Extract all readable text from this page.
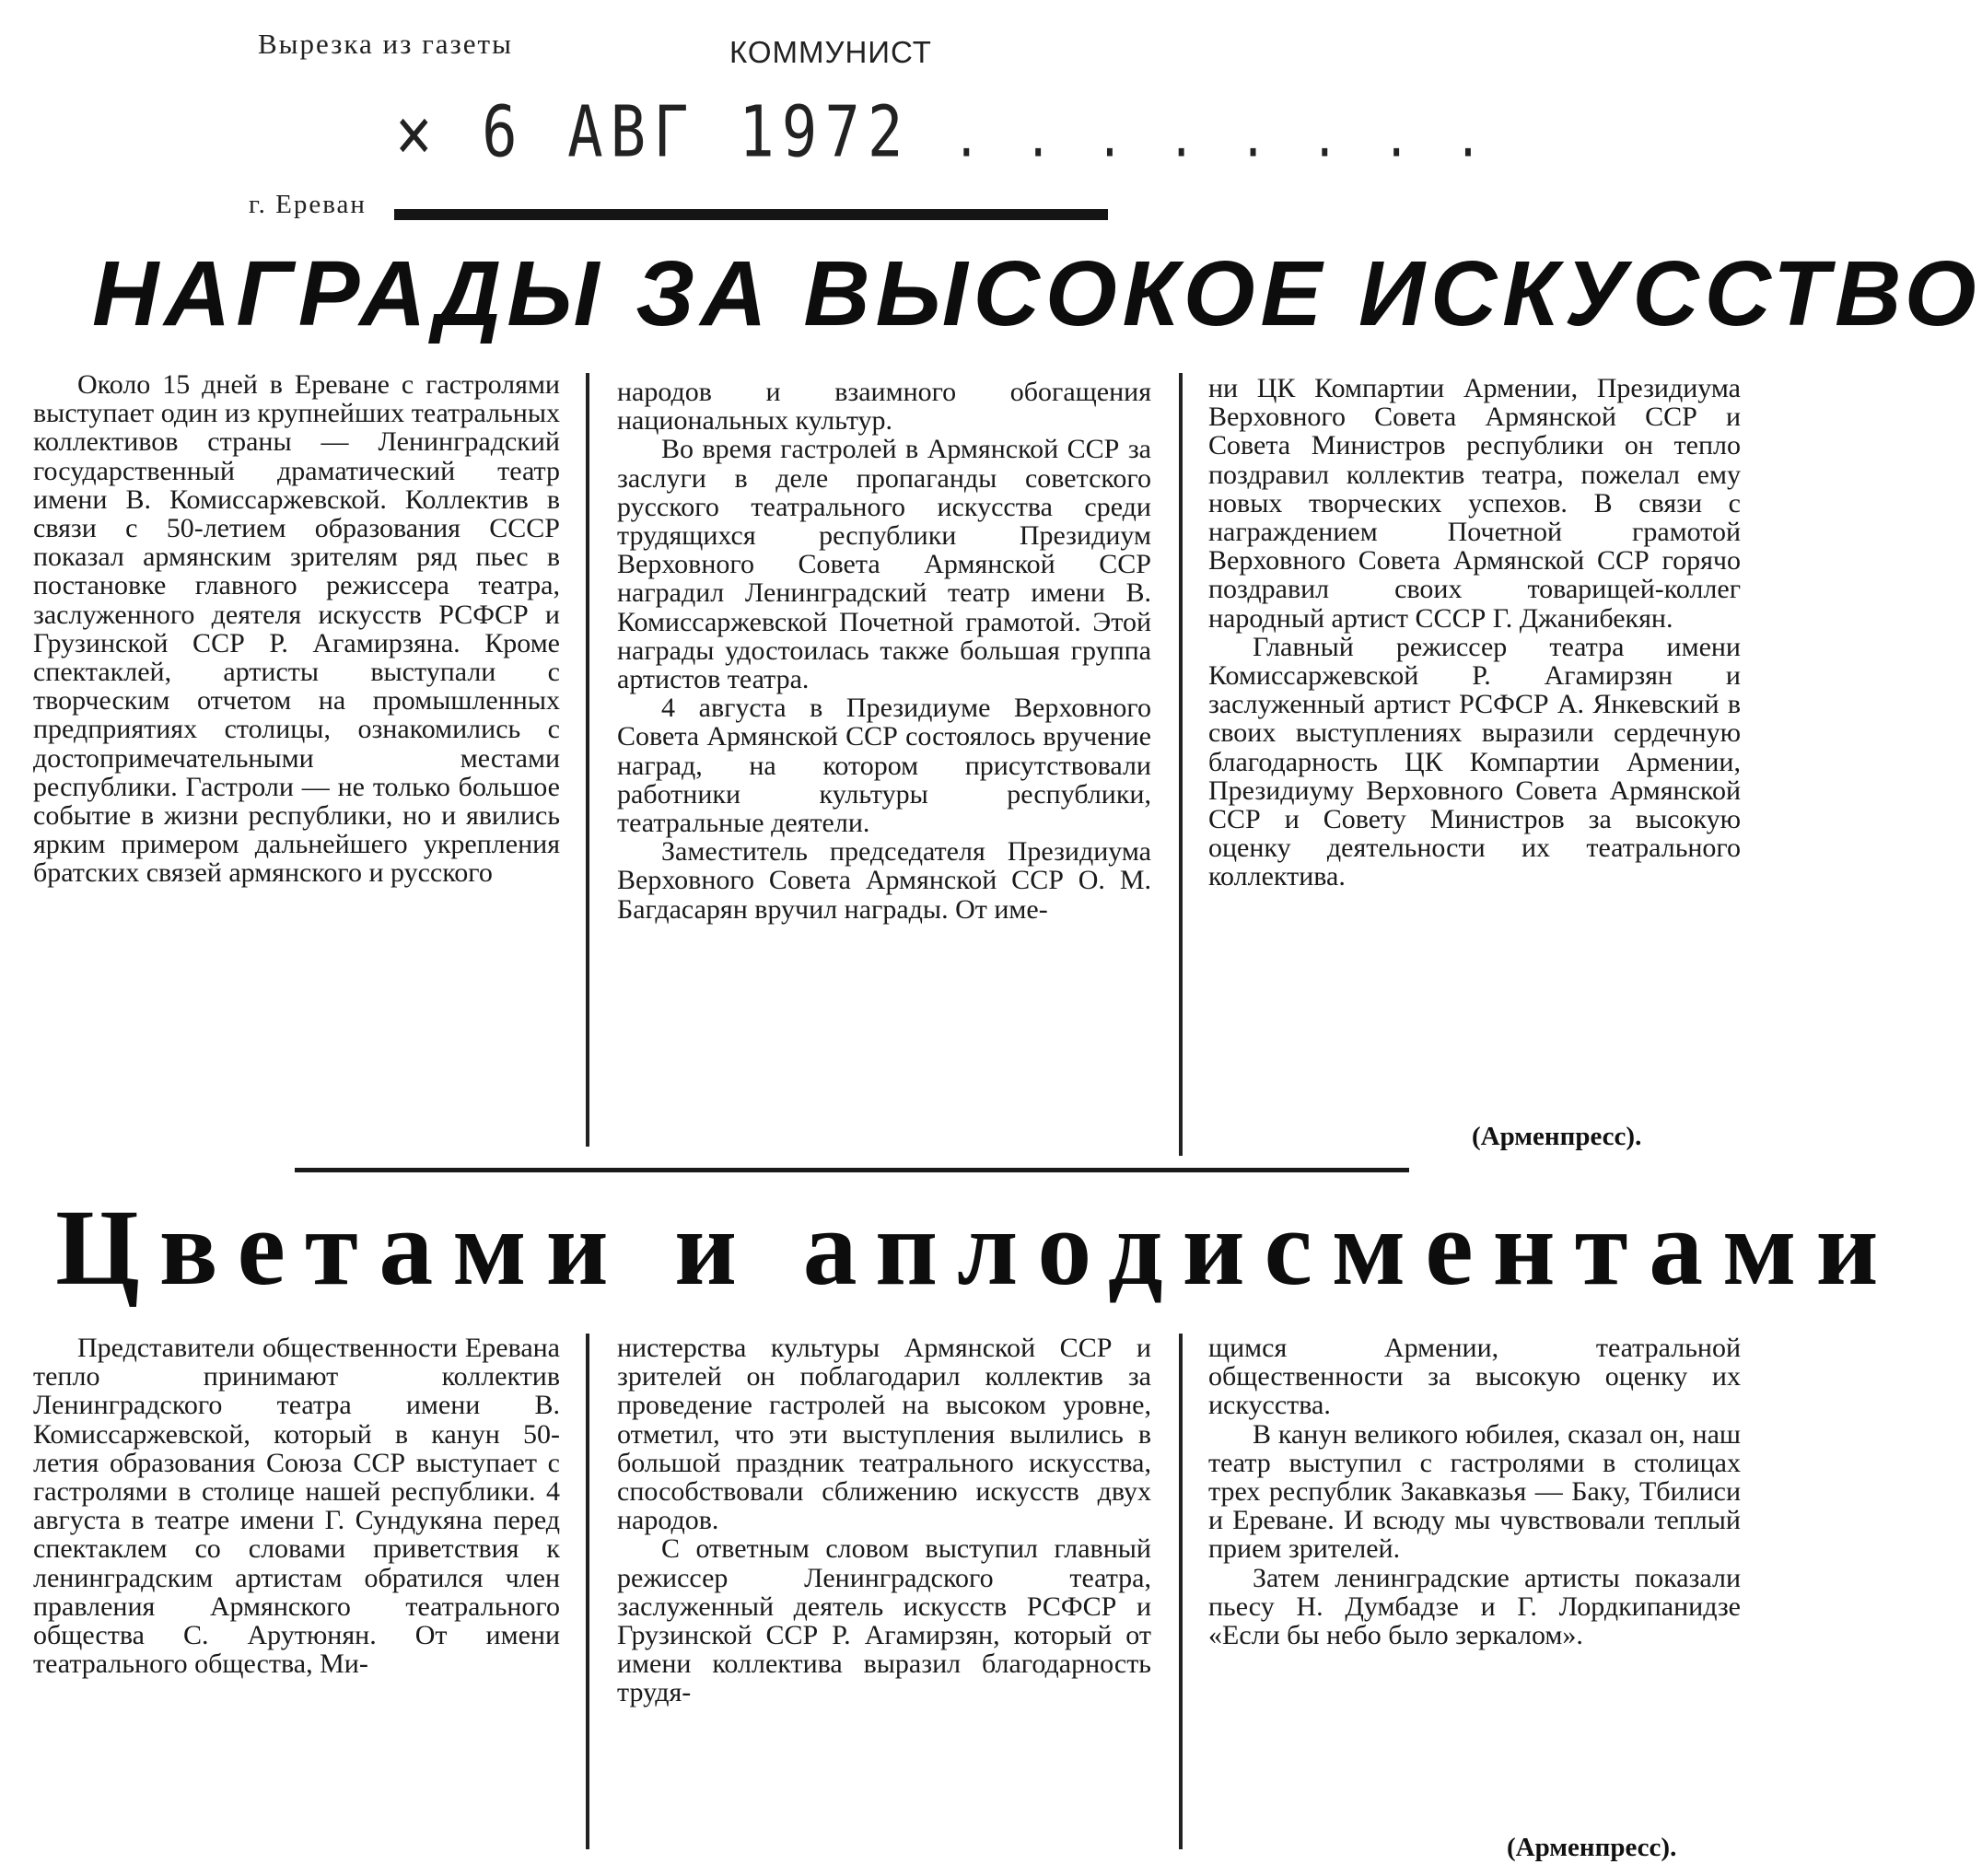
Вырезка из газеты	КОММУНИСТ

✕ 6 АВГ 1972 . . . . . . . .

г. Ереван

НАГРАДЫ ЗА ВЫСОКОЕ ИСКУССТВО

Около 15 дней в Ереване с гастролями выступает один из крупнейших театральных коллективов страны — Ленинградский государственный драматический театр имени В. Комиссаржевской. Коллектив в связи с 50-летием образования СССР показал армянским зрителям ряд пьес в постановке главного режиссера театра, заслуженного деятеля искусств РСФСР и Грузинской ССР Р. Агамирзяна. Кроме спектаклей, артисты выступали с творческим отчетом на промышленных предприятиях столицы, ознакомились с достопримечательными местами республики. Гастроли — не только большое событие в жизни республики, но и явились ярким примером дальнейшего укрепления братских связей армянского и русского

народов и взаимного обогащения национальных культур.

Во время гастролей в Армянской ССР за заслуги в деле пропаганды советского русского театрального искусства среди трудящихся республики Президиум Верховного Совета Армянской ССР наградил Ленинградский театр имени В. Комиссаржевской Почетной грамотой. Этой награды удостоилась также большая группа артистов театра.

4 августа в Президиуме Верховного Совета Армянской ССР состоялось вручение наград, на котором присутствовали работники культуры республики, театральные деятели.

Заместитель председателя Президиума Верховного Совета Армянской ССР О. М. Багдасарян вручил награды. От име-

ни ЦК Компартии Армении, Президиума Верховного Совета Армянской ССР и Совета Министров республики он тепло поздравил коллектив театра, пожелал ему новых творческих успехов. В связи с награждением Почетной грамотой Верховного Совета Армянской ССР горячо поздравил своих товарищей-коллег народный артист СССР Г. Джанибекян.

Главный режиссер театра имени Комиссаржевской Р. Агамирзян и заслуженный артист РСФСР А. Янкевский в своих выступлениях выразили сердечную благодарность ЦК Компартии Армении, Президиуму Верховного Совета Армянской ССР и Совету Министров за высокую оценку деятельности их театрального коллектива.

(Арменпресс).

Цветами и аплодисментами

Представители общественности Еревана тепло принимают коллектив Ленинградского театра имени В. Комиссаржевской, который в канун 50-летия образования Союза ССР выступает с гастролями в столице нашей республики. 4 августа в театре имени Г. Сундукяна перед спектаклем со словами приветствия к ленинградским артистам обратился член правления Армянского театрального общества С. Арутюнян. От имени театрального общества, Ми-

нистерства культуры Армянской ССР и зрителей он поблагодарил коллектив за проведение гастролей на высоком уровне, отметил, что эти выступления вылились в большой праздник театрального искусства, способствовали сближению искусств двух народов.

С ответным словом выступил главный режиссер Ленинградского театра, заслуженный деятель искусств РСФСР и Грузинской ССР Р. Агамирзян, который от имени коллектива выразил благодарность трудя-

щимся Армении, театральной общественности за высокую оценку их искусства.

В канун великого юбилея, сказал он, наш театр выступил с гастролями в столицах трех республик Закавказья — Баку, Тбилиси и Ереване. И всюду мы чувствовали теплый прием зрителей.

Затем ленинградские артисты показали пьесу Н. Думбадзе и Г. Лордкипанидзе «Если бы небо было зеркалом».

(Арменпресс).
